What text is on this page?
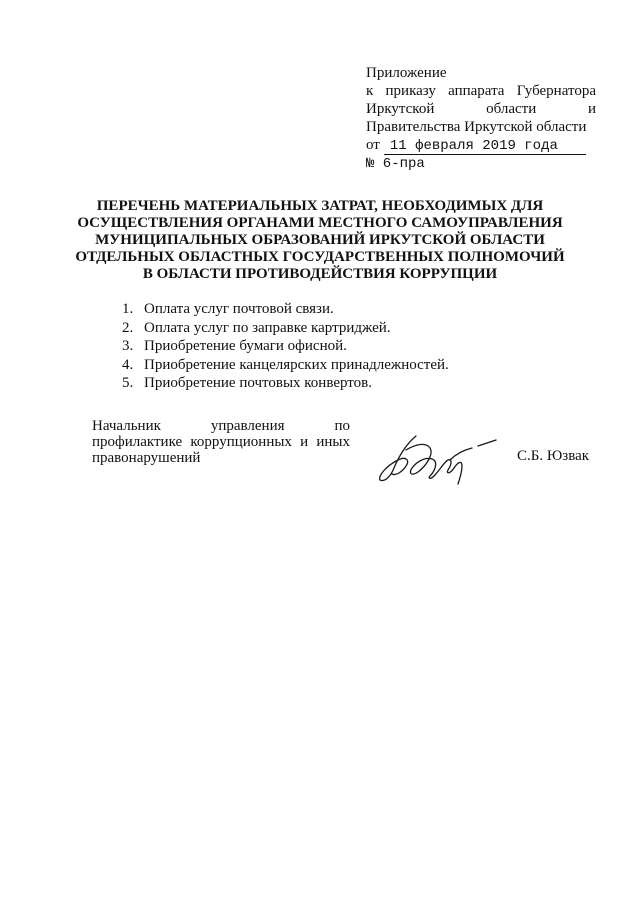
Приложение
к приказу аппарата Губернатора
Иркутской	области	и
Правительства Иркутской области
от 11 февраля 2019 года
№ 6-пра
ПЕРЕЧЕНЬ МАТЕРИАЛЬНЫХ ЗАТРАТ, НЕОБХОДИМЫХ ДЛЯ
ОСУЩЕСТВЛЕНИЯ ОРГАНАМИ МЕСТНОГО САМОУПРАВЛЕНИЯ
МУНИЦИПАЛЬНЫХ ОБРАЗОВАНИЙ ИРКУТСКОЙ ОБЛАСТИ
ОТДЕЛЬНЫХ ОБЛАСТНЫХ ГОСУДАРСТВЕННЫХ ПОЛНОМОЧИЙ
В ОБЛАСТИ ПРОТИВОДЕЙСТВИЯ КОРРУПЦИИ
1. Оплата услуг почтовой связи.
2. Оплата услуг по заправке картриджей.
3. Приобретение бумаги офисной.
4. Приобретение канцелярских принадлежностей.
5. Приобретение почтовых конвертов.
Начальник	управления	по
профилактике коррупционных и иных
правонарушений	С.Б. Юзвак
